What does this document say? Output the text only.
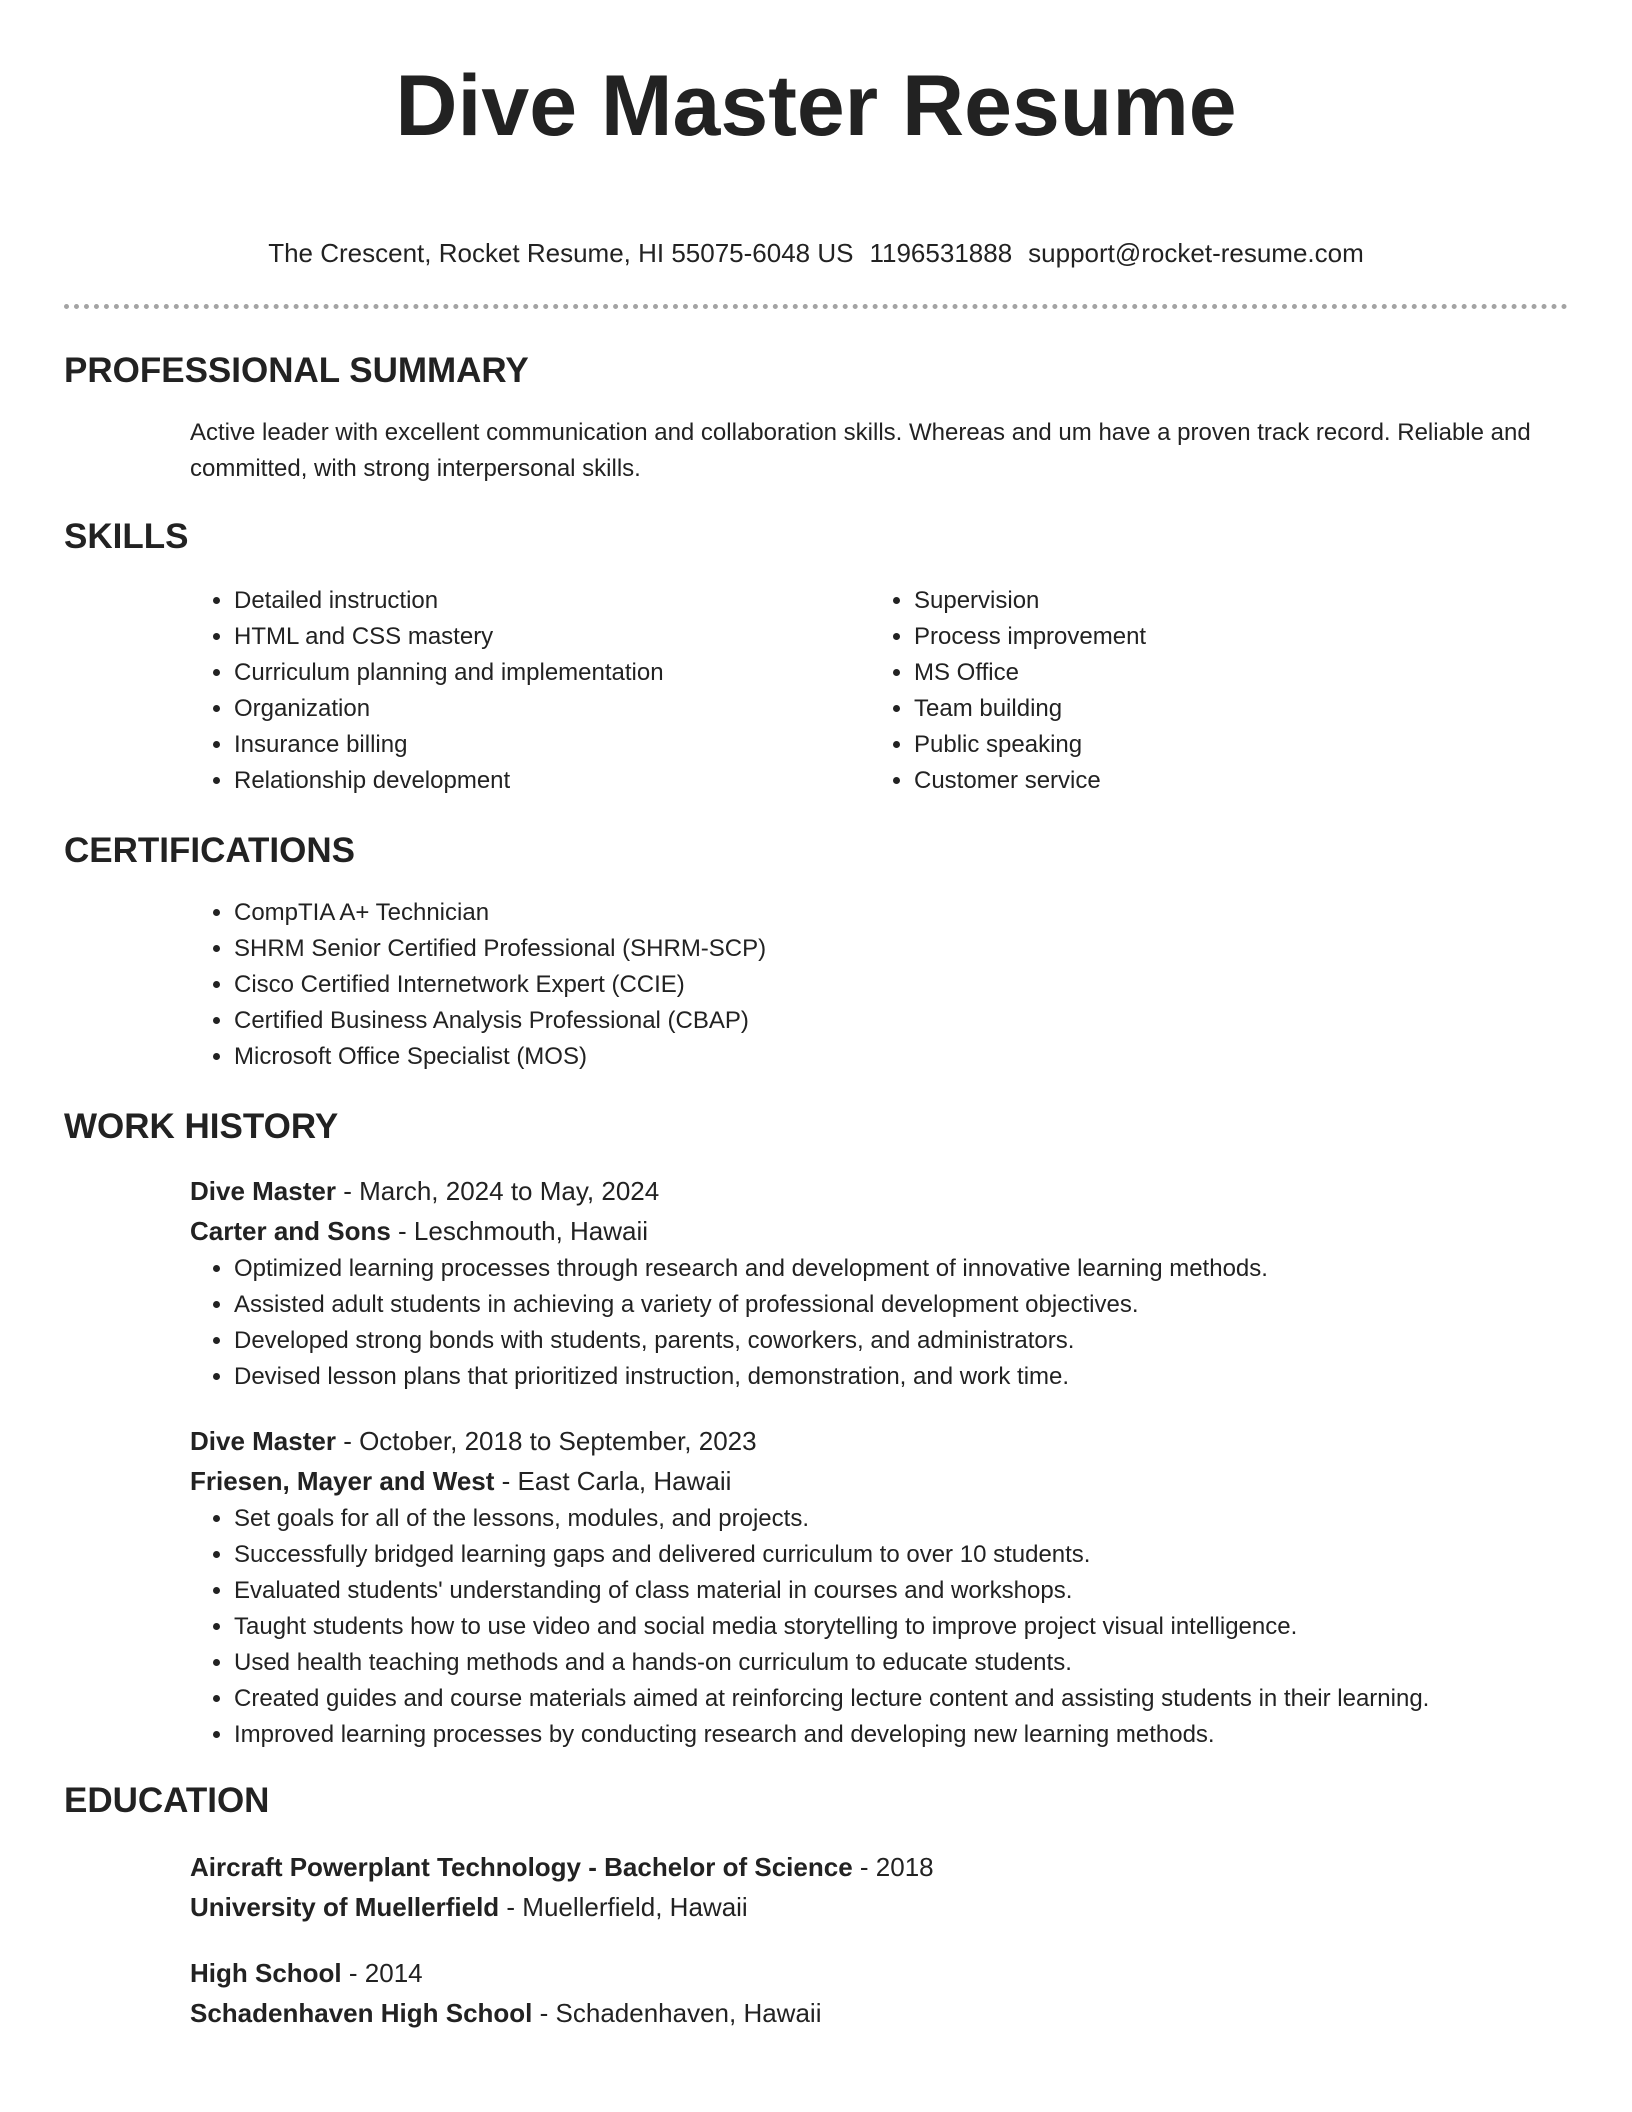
Dive Master Resume
The Crescent, Rocket Resume, HI 55075-6048 US 1196531888 support@rocket-resume.com
PROFESSIONAL SUMMARY
Active leader with excellent communication and collaboration skills. Whereas and um have a proven track record. Reliable and committed, with strong interpersonal skills.
SKILLS
• Detailed instruction
• HTML and CSS mastery
• Curriculum planning and implementation
• Organization
• Insurance billing
• Relationship development
• Supervision
• Process improvement
• MS Office
• Team building
• Public speaking
• Customer service
CERTIFICATIONS
• CompTIA A+ Technician
• SHRM Senior Certified Professional (SHRM-SCP)
• Cisco Certified Internetwork Expert (CCIE)
• Certified Business Analysis Professional (CBAP)
• Microsoft Office Specialist (MOS)
WORK HISTORY
Dive Master - March, 2024 to May, 2024
Carter and Sons - Leschmouth, Hawaii
• Optimized learning processes through research and development of innovative learning methods.
• Assisted adult students in achieving a variety of professional development objectives.
• Developed strong bonds with students, parents, coworkers, and administrators.
• Devised lesson plans that prioritized instruction, demonstration, and work time.
Dive Master - October, 2018 to September, 2023
Friesen, Mayer and West - East Carla, Hawaii
• Set goals for all of the lessons, modules, and projects.
• Successfully bridged learning gaps and delivered curriculum to over 10 students.
• Evaluated students' understanding of class material in courses and workshops.
• Taught students how to use video and social media storytelling to improve project visual intelligence.
• Used health teaching methods and a hands-on curriculum to educate students.
• Created guides and course materials aimed at reinforcing lecture content and assisting students in their learning.
• Improved learning processes by conducting research and developing new learning methods.
EDUCATION
Aircraft Powerplant Technology - Bachelor of Science - 2018
University of Muellerfield - Muellerfield, Hawaii
High School - 2014
Schadenhaven High School - Schadenhaven, Hawaii
